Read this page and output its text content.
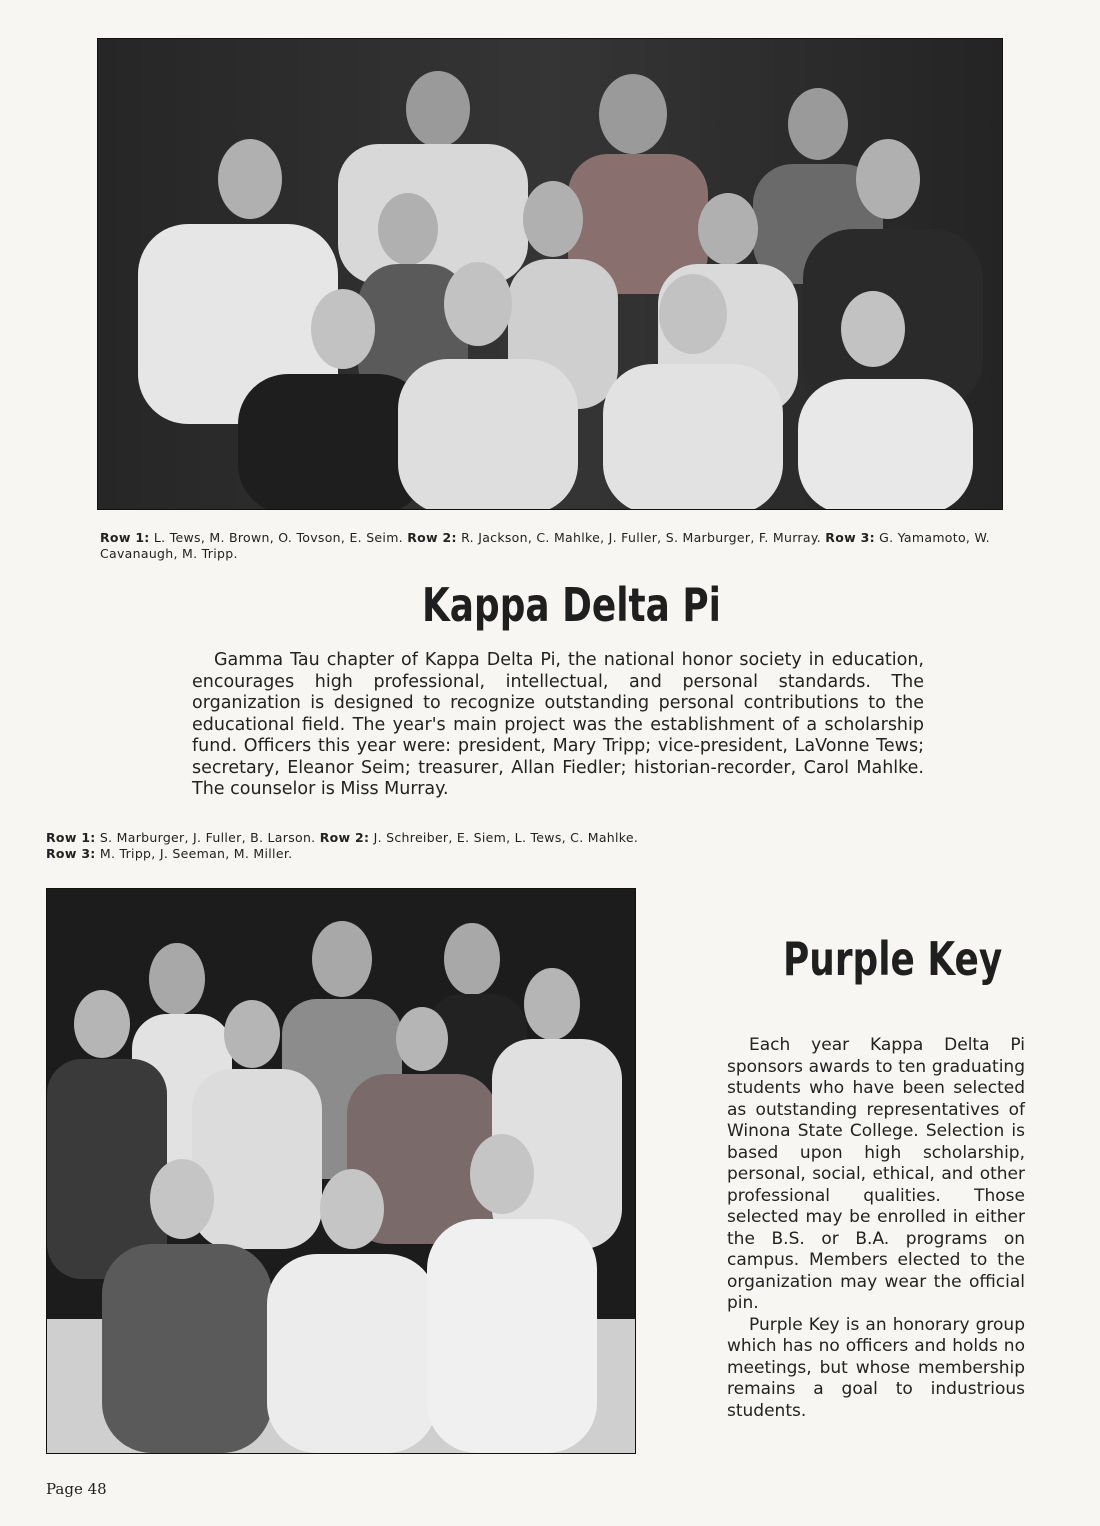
Row 1: L. Tews, M. Brown, O. Tovson, E. Seim. Row 2: R. Jackson, C. Mahlke, J. Fuller, S. Marburger, F. Murray. Row 3: G. Yamamoto, W. Cavanaugh, M. Tripp.
Kappa Delta Pi

Gamma Tau chapter of Kappa Delta Pi, the national honor society in education, encourages high professional, intellectual, and personal standards. The organization is designed to recognize outstanding personal contributions to the educational field. The year's main project was the establishment of a scholarship fund. Officers this year were: president, Mary Tripp; vice-president, LaVonne Tews; secretary, Eleanor Seim; treasurer, Allan Fiedler; historian-recorder, Carol Mahlke. The counselor is Miss Murray.

Row 1: S. Marburger, J. Fuller, B. Larson. Row 2: J. Schreiber, E. Siem, L. Tews, C. Mahlke. Row 3: M. Tripp, J. Seeman, M. Miller.
Purple Key

Each year Kappa Delta Pi sponsors awards to ten graduating students who have been selected as outstanding representatives of Winona State College. Selection is based upon high scholarship, personal, social, ethical, and other professional qualities. Those selected may be enrolled in either the B.S. or B.A. programs on campus. Members elected to the organization may wear the official pin.

Purple Key is an honorary group which has no officers and holds no meetings, but whose membership remains a goal to industrious students.

Page 48
